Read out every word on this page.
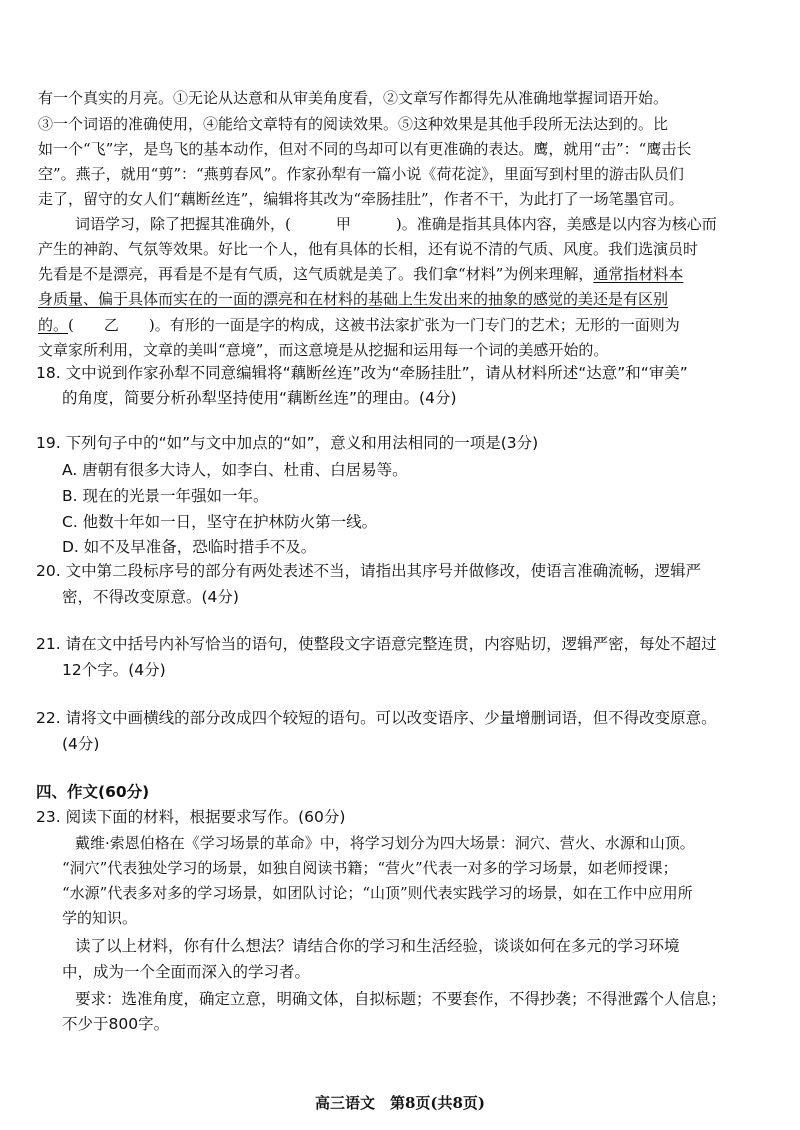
有一个真实的月亮。①无论从达意和从审美角度看，②文章写作都得先从准确地掌握词语开始。
③一个词语的准确使用，④能给文章特有的阅读效果。⑤这种效果是其他手段所无法达到的。比
如一个“飞”字，是鸟飞的基本动作，但对不同的鸟却可以有更准确的表达。鹰，就用“击”：“鹰击长
空”。燕子，就用“剪”：“燕剪春风”。作家孙犁有一篇小说《荷花淀》，里面写到村里的游击队员们
走了，留守的女人们“藕断丝连”，编辑将其改为“牵肠挂肚”，作者不干，为此打了一场笔墨官司。
词语学习，除了把握其准确外，(　　　甲　　　)。准确是指其具体内容，美感是以内容为核心而
产生的神韵、气氛等效果。好比一个人，他有具体的长相，还有说不清的气质、风度。我们选演员时
先看是不是漂亮，再看是不是有气质，这气质就是美了。我们拿“材料”为例来理解，通常指材料本
身质量、偏于具体而实在的一面的漂亮和在材料的基础上生发出来的抽象的感觉的美还是有区别
的。(　　乙　　)。有形的一面是字的构成，这被书法家扩张为一门专门的艺术；无形的一面则为
文章家所利用，文章的美叫“意境”，而这意境是从挖掘和运用每一个词的美感开始的。
18. 文中说到作家孙犁不同意编辑将“藕断丝连”改为“牵肠挂肚”，请从材料所述“达意”和“审美”
的角度，简要分析孙犁坚持使用“藕断丝连”的理由。(4分)
19. 下列句子中的“如”与文中加点的“如”，意义和用法相同的一项是(3分)
A. 唐朝有很多大诗人，如李白、杜甫、白居易等。
B. 现在的光景一年强如一年。
C. 他数十年如一日，坚守在护林防火第一线。
D. 如不及早准备，恐临时措手不及。
20. 文中第二段标序号的部分有两处表述不当，请指出其序号并做修改，使语言准确流畅，逻辑严
密，不得改变原意。(4分)
21. 请在文中括号内补写恰当的语句，使整段文字语意完整连贯，内容贴切，逻辑严密，每处不超过
12个字。(4分)
22. 请将文中画横线的部分改成四个较短的语句。可以改变语序、少量增删词语，但不得改变原意。
(4分)
四、作文(60分)
23. 阅读下面的材料，根据要求写作。(60分)
戴维·索恩伯格在《学习场景的革命》中，将学习划分为四大场景：洞穴、营火、水源和山顶。
“洞穴”代表独处学习的场景，如独自阅读书籍；“营火”代表一对多的学习场景，如老师授课；
“水源”代表多对多的学习场景，如团队讨论；“山顶”则代表实践学习的场景，如在工作中应用所
学的知识。
读了以上材料，你有什么想法？请结合你的学习和生活经验，谈谈如何在多元的学习环境
中，成为一个全面而深入的学习者。
要求：选准角度，确定立意，明确文体，自拟标题；不要套作，不得抄袭；不得泄露个人信息；
不少于800字。
高三语文　第8页(共8页)
